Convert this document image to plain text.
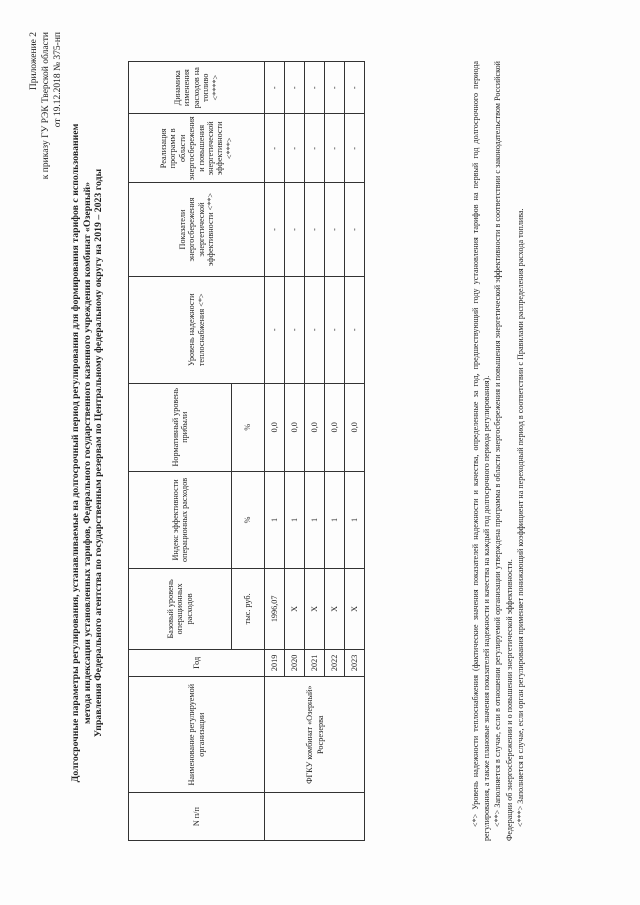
Приложение 2 к приказу ГУ РЭК Тверской области от 19.12.2018 № 375-нп
Долгосрочные параметры регулирования, устанавливаемые на долгосрочный период регулирования для формирования тарифов с использованием метода индексации установленных тарифов, Федерального государственного казенного учреждения комбинат «Озерный» Управления Федерального агентства по государственным резервам по Центральному федеральному округу на 2019 – 2023 годы
N п/п	Наименование регулируемой организации	Год	Базовый уровень операционных расходов	Индекс эффективности операционных расходов	Нормативный уровень прибыли	Уровень надежности теплоснабжения <*>	Показатели энергосбережения энергетической эффективности <**>	Реализация программ в области энергосбережения и повышения энергетической эффективности <***>	Динамика изменения расходов на топливо <****>
			тыс. руб.	%	%				
	ФГКУ комбинат «Озерный» Росрезерва	2019	1996,07	1	0,0	-	-	-	-
		2020	Х	1	0,0	-	-	-	-
		2021	Х	1	0,0	-	-	-	-
		2022	Х	1	0,0	-	-	-	-
		2023	Х	1	0,0	-	-	-	-	<*> Уровень надежности теплоснабжения (фактические значения показателей надежности и качества, определенные за год, предшествующий году установления тарифов на первый год долгосрочного периода регулирования, а также плановые значения показателей надежности и качества на каждый год долгосрочного периода регулирования). <**> Заполняется в случае, если в отношении регулируемой организации утверждена программа в области энергосбережения и повышения энергетической эффективности в соответствии с законодательством Российской Федерации об энергосбережении и о повышении энергетической эффективности. <***> Заполняется в случае, если орган регулирования применяет понижающий коэффициент на переходный период в соответствии с Правилами распределения расхода топлива.
